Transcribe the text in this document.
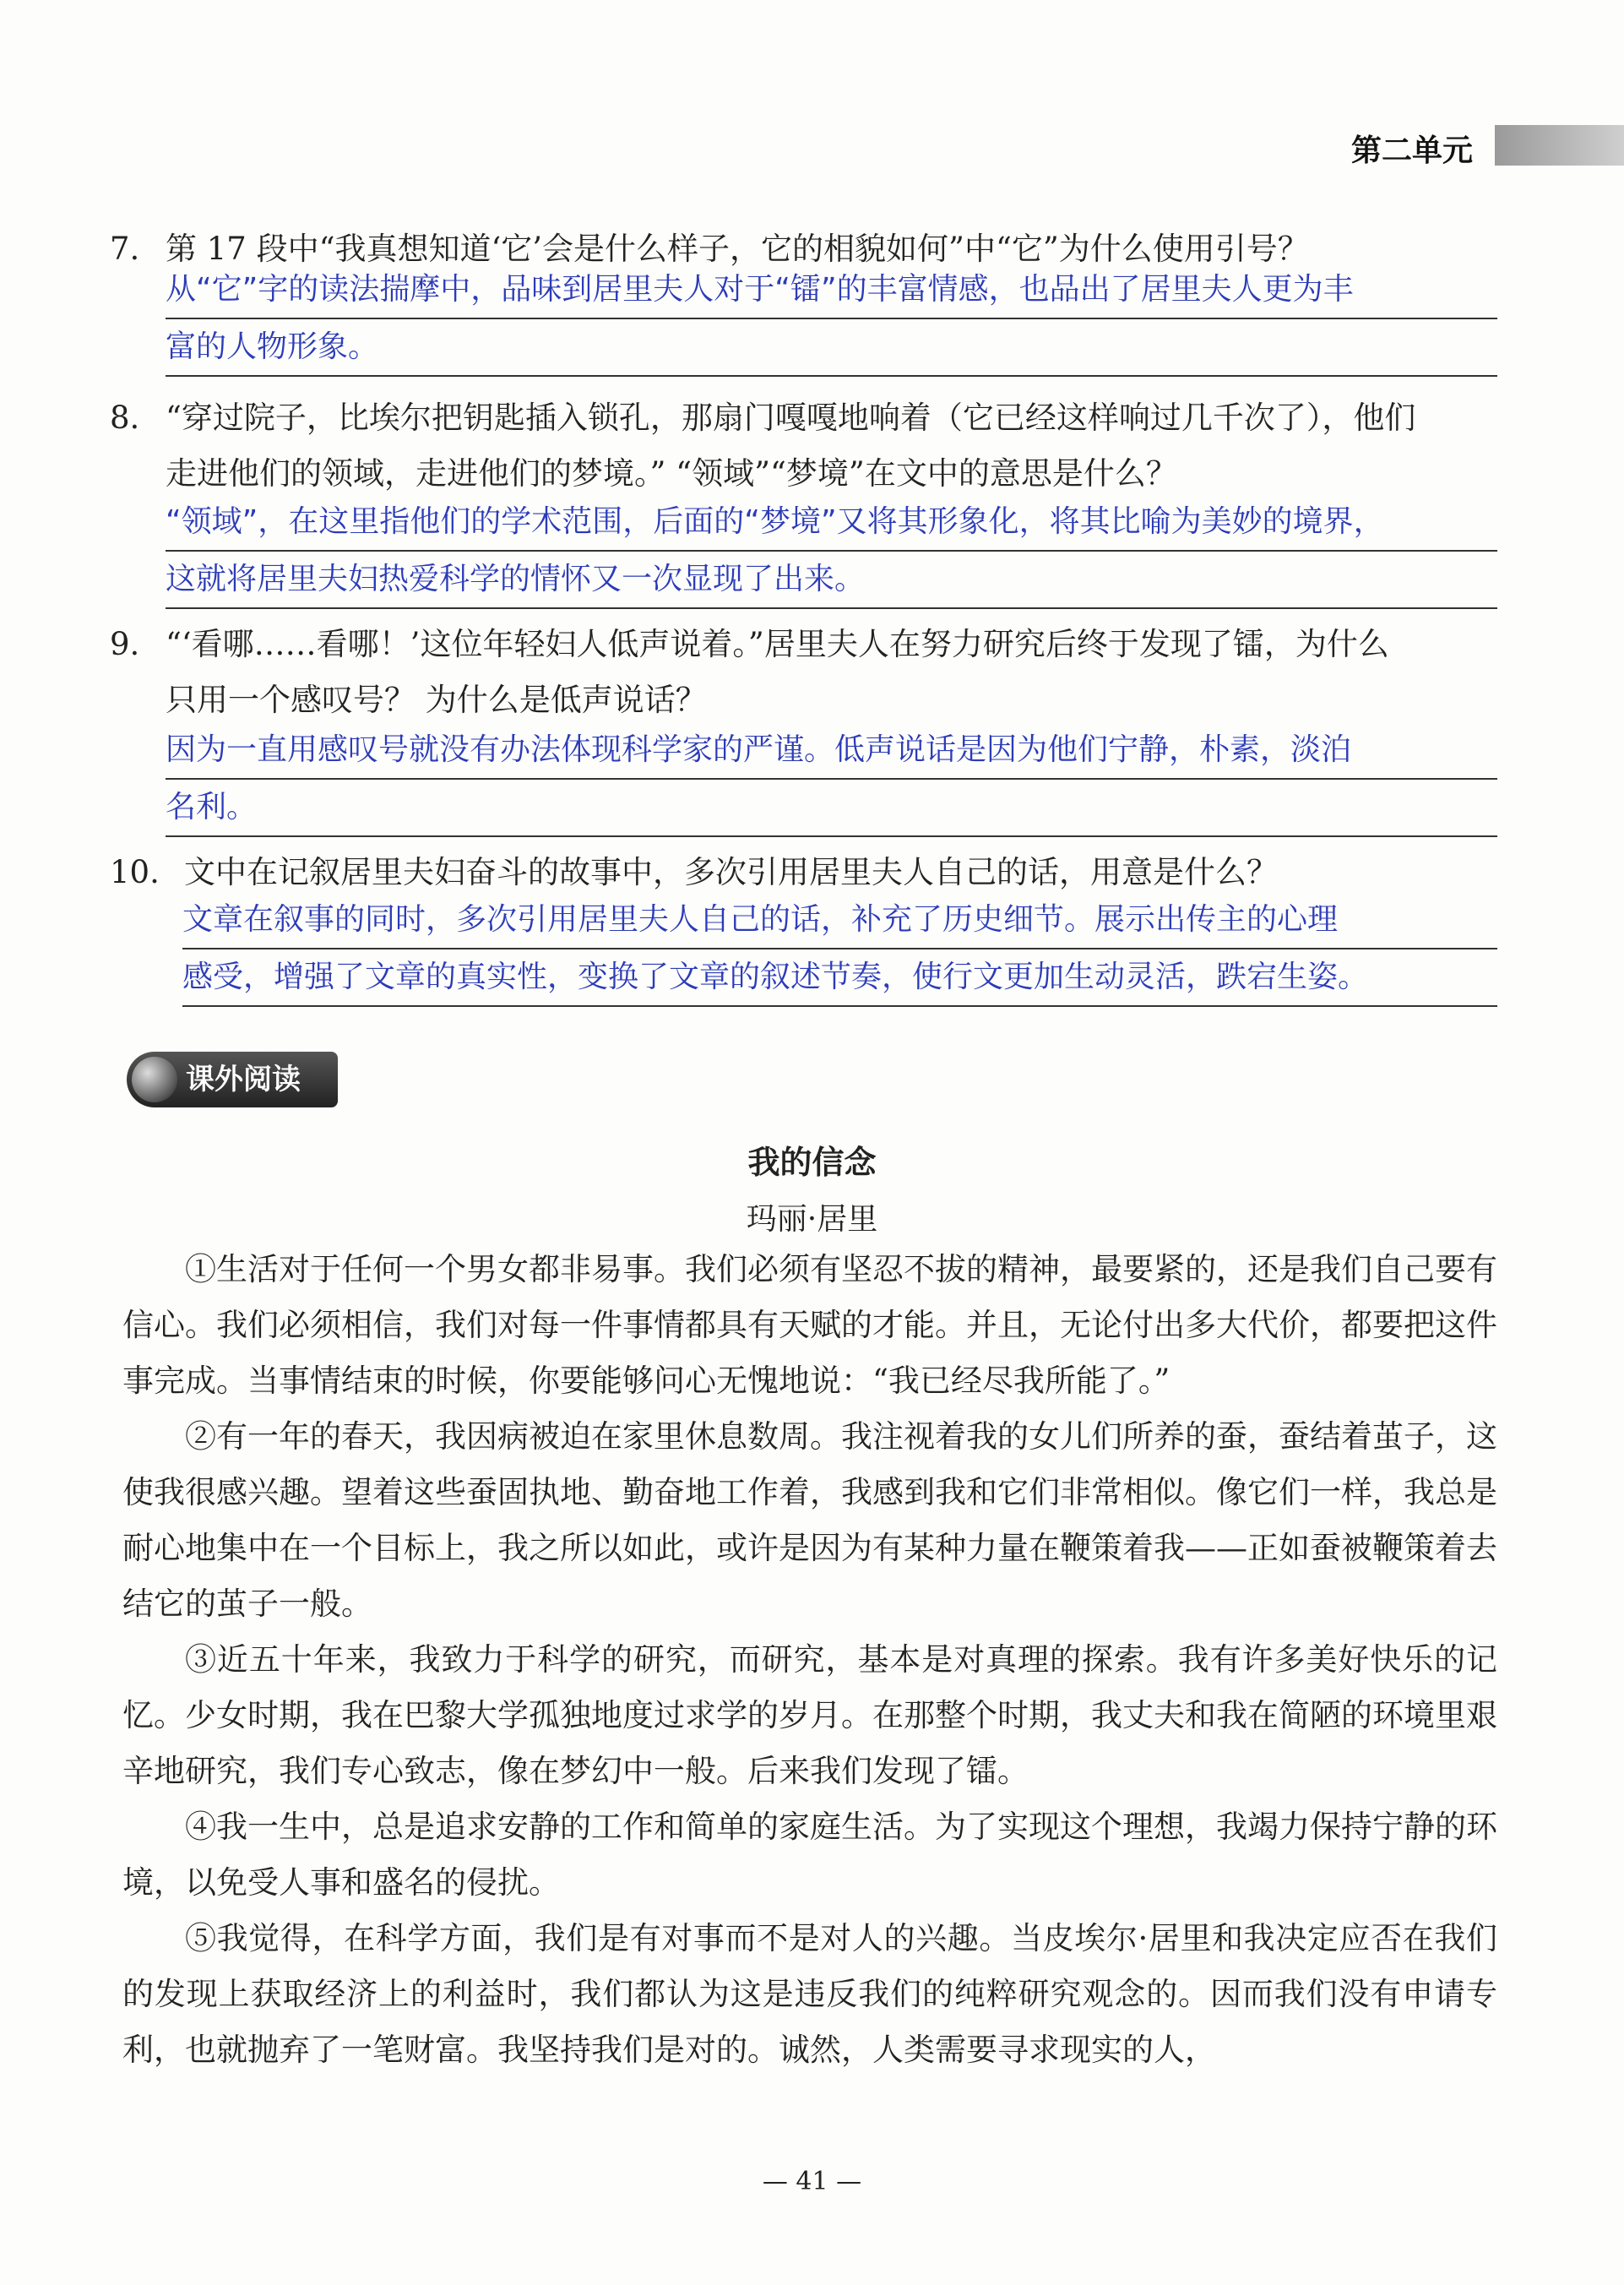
第二单元
7. 第 17 段中“我真想知道‘它’会是什么样子，它的相貌如何”中“它”为什么使用引号？
从“它”字的读法揣摩中，品味到居里夫人对于“镭”的丰富情感，也品出了居里夫人更为丰
富的人物形象。
8. “穿过院子，比埃尔把钥匙插入锁孔，那扇门嘎嘎地响着（它已经这样响过几千次了），他们
走进他们的领域，走进他们的梦境。” “领域”“梦境”在文中的意思是什么？
“领域”，在这里指他们的学术范围，后面的“梦境”又将其形象化，将其比喻为美妙的境界，
这就将居里夫妇热爱科学的情怀又一次显现了出来。
9. “‘看哪……看哪！’这位年轻妇人低声说着。”居里夫人在努力研究后终于发现了镭，为什么
只用一个感叹号？ 为什么是低声说话？
因为一直用感叹号就没有办法体现科学家的严谨。低声说话是因为他们宁静，朴素，淡泊
名利。
10. 文中在记叙居里夫妇奋斗的故事中，多次引用居里夫人自己的话，用意是什么？
文章在叙事的同时，多次引用居里夫人自己的话，补充了历史细节。展示出传主的心理
感受，增强了文章的真实性，变换了文章的叙述节奏，使行文更加生动灵活，跌宕生姿。
课外阅读
我的信念
玛丽·居里
①生活对于任何一个男女都非易事。我们必须有坚忍不拔的精神，最要紧的，还是我们自己要有信心。我们必须相信，我们对每一件事情都具有天赋的才能。并且，无论付出多大代价，都要把这件事完成。当事情结束的时候，你要能够问心无愧地说：“我已经尽我所能了。”
②有一年的春天，我因病被迫在家里休息数周。我注视着我的女儿们所养的蚕，蚕结着茧子，这使我很感兴趣。望着这些蚕固执地、勤奋地工作着，我感到我和它们非常相似。像它们一样，我总是耐心地集中在一个目标上，我之所以如此，或许是因为有某种力量在鞭策着我——正如蚕被鞭策着去结它的茧子一般。
③近五十年来，我致力于科学的研究，而研究，基本是对真理的探索。我有许多美好快乐的记忆。少女时期，我在巴黎大学孤独地度过求学的岁月。在那整个时期，我丈夫和我在简陋的环境里艰辛地研究，我们专心致志，像在梦幻中一般。后来我们发现了镭。
④我一生中，总是追求安静的工作和简单的家庭生活。为了实现这个理想，我竭力保持宁静的环境，以免受人事和盛名的侵扰。
⑤我觉得，在科学方面，我们是有对事而不是对人的兴趣。当皮埃尔·居里和我决定应否在我们的发现上获取经济上的利益时，我们都认为这是违反我们的纯粹研究观念的。因而我们没有申请专利，也就抛弃了一笔财富。我坚持我们是对的。诚然，人类需要寻求现实的人，
— 41 —
